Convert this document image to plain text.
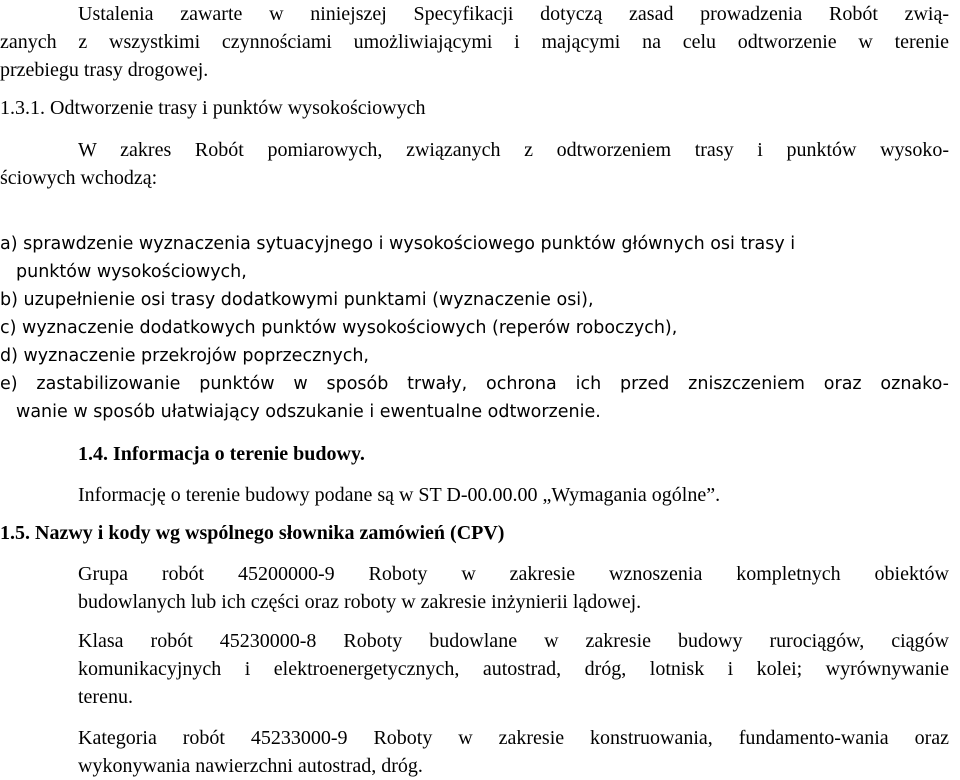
Ustalenia zawarte w niniejszej Specyfikacji dotyczą zasad prowadzenia Robót zwią-
zanych z wszystkimi czynnościami umożliwiającymi i mającymi na celu odtworzenie w terenie
przebiegu trasy drogowej.
1.3.1. Odtworzenie trasy i punktów wysokościowych
W zakres Robót pomiarowych, związanych z odtworzeniem trasy i punktów wysoko-
ściowych wchodzą:
a) sprawdzenie wyznaczenia sytuacyjnego i wysokościowego punktów głównych osi trasy i
punktów wysokościowych,
b) uzupełnienie osi trasy dodatkowymi punktami (wyznaczenie osi),
c) wyznaczenie dodatkowych punktów wysokościowych (reperów roboczych),
d) wyznaczenie przekrojów poprzecznych,
e) zastabilizowanie punktów w sposób trwały, ochrona ich przed zniszczeniem oraz oznako-
wanie w sposób ułatwiający odszukanie i ewentualne odtworzenie.
1.4. Informacja o terenie budowy.
Informację o terenie budowy podane są w ST D-00.00.00 „Wymagania ogólne”.
1.5. Nazwy i kody wg wspólnego słownika zamówień (CPV)
Grupa robót 45200000-9 Roboty w zakresie wznoszenia kompletnych obiektów
budowlanych lub ich części oraz roboty w zakresie inżynierii lądowej.
Klasa robót 45230000-8 Roboty budowlane w zakresie budowy rurociągów, ciągów
komunikacyjnych i elektroenergetycznych, autostrad, dróg, lotnisk i kolei; wyrównywanie
terenu.
Kategoria robót 45233000-9 Roboty w zakresie konstruowania, fundamento-wania oraz
wykonywania nawierzchni autostrad, dróg.
